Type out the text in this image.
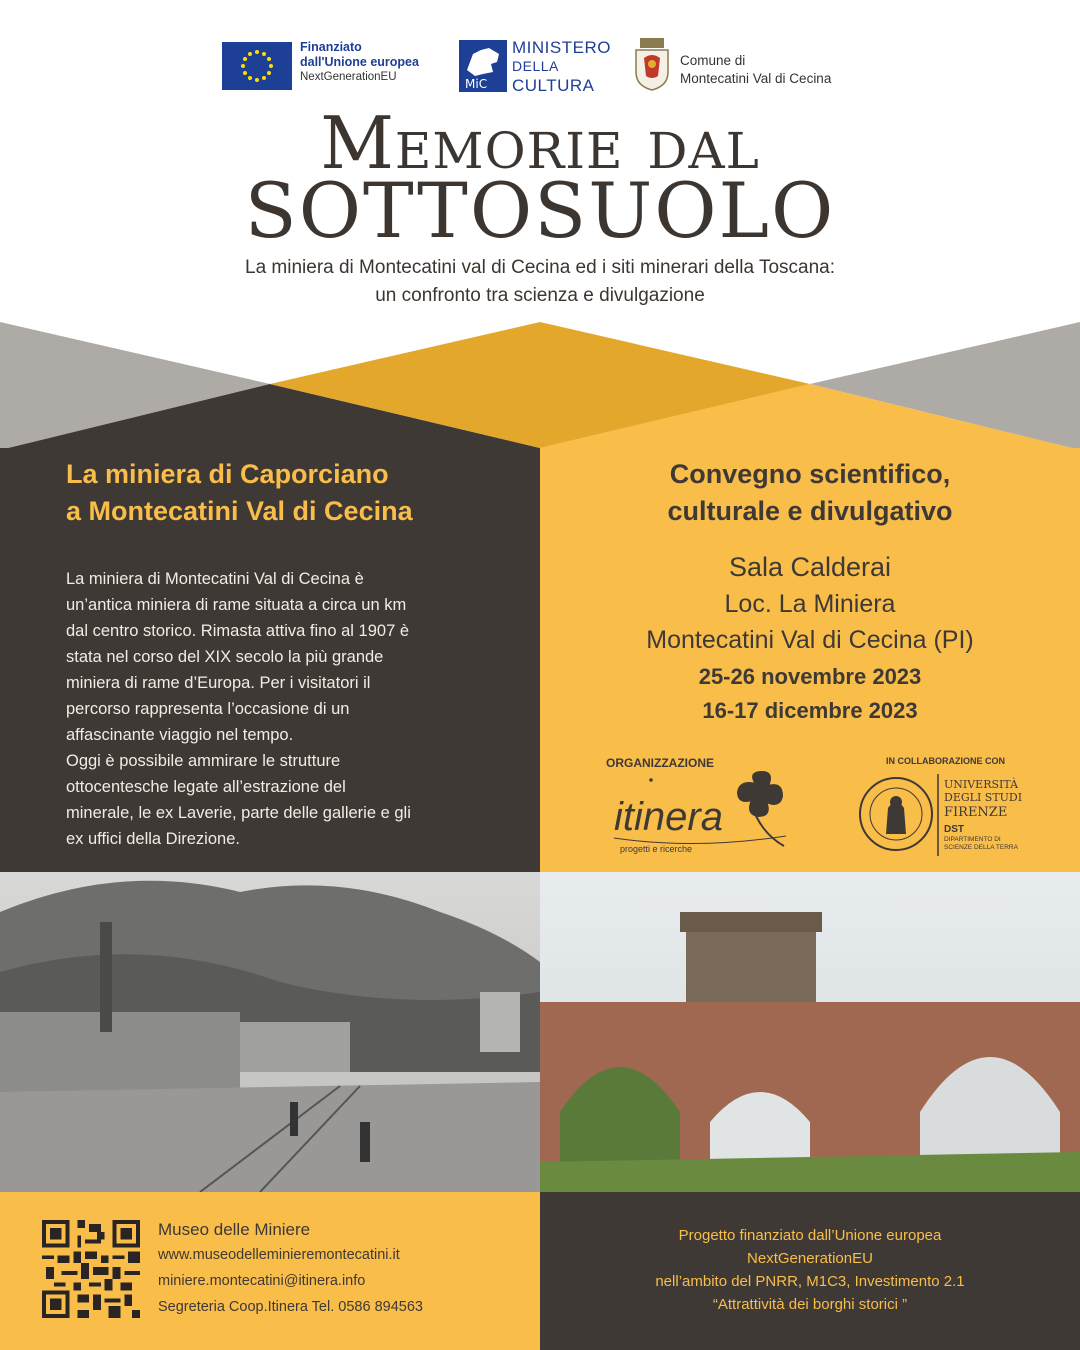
Finanziato
dall'Unione europea
NextGenerationEU	MiC
MINISTERO
DELLA
CULTURA
Comune di
Montecatini Val di Cecina
Memorie dal
SOTTOSUOLO
La miniera di Montecatini val di Cecina ed i siti minerari della Toscana:
un confronto tra scienza e divulgazione
La miniera di Caporciano
a Montecatini Val di Cecina
La miniera di Montecatini Val di Cecina è
un’antica miniera di rame situata a circa un km
dal centro storico. Rimasta attiva fino al 1907 è
stata nel corso del XIX secolo la più grande
miniera di rame d’Europa. Per i visitatori il
percorso rappresenta l’occasione di un
affascinante viaggio nel tempo.
Oggi è possibile ammirare le strutture
ottocentesche legate all’estrazione del
minerale, le ex Laverie, parte delle gallerie e gli
ex uffici della Direzione.
Convegno scientifico,
culturale e divulgativo
Sala Calderai
Loc. La Miniera
Montecatini Val di Cecina (PI)
25-26 novembre 2023
16-17 dicembre 2023
ORGANIZZAZIONE
itinera
progetti e ricerche
IN COLLABORAZIONE CON
UNIVERSITÀ
DEGLI STUDI
FIRENZE
DST
DIPARTIMENTO DI
SCIENZE DELLA TERRA
Museo delle Miniere
www.museodelleminieremontecatini.it
miniere.montecatini@itinera.info
Segreteria Coop.Itinera Tel. 0586 894563
Progetto finanziato dall’Unione europea
NextGenerationEU
nell’ambito del PNRR, M1C3, Investimento 2.1
“Attrattività dei borghi storici ”
